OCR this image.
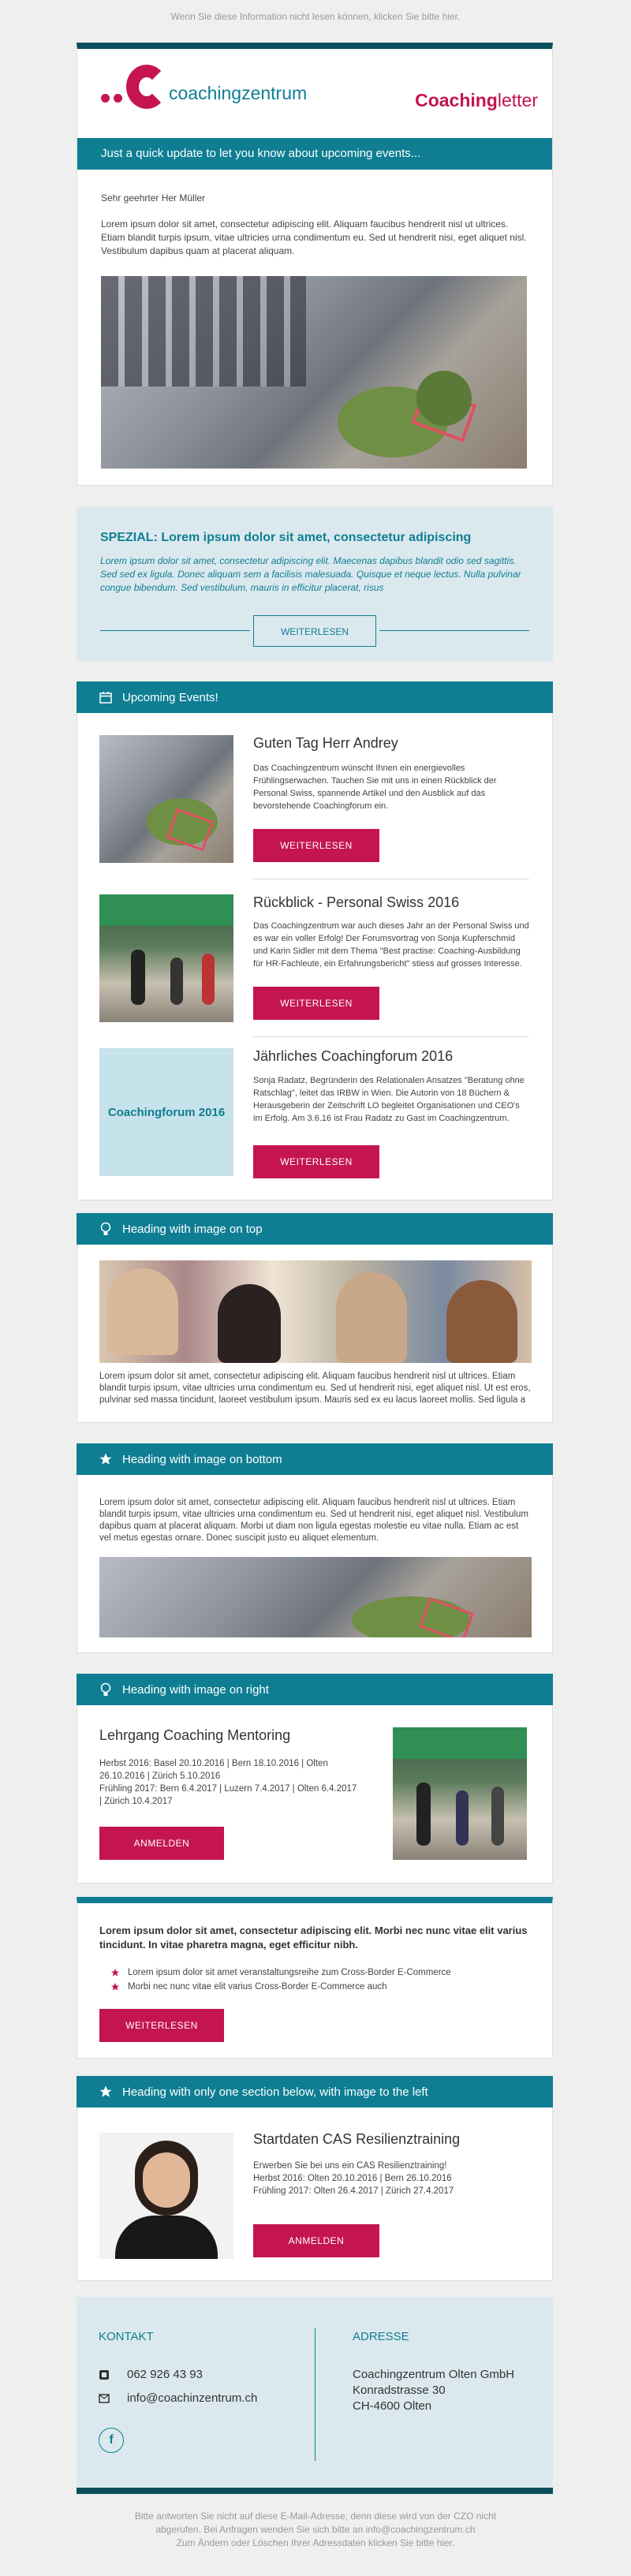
Wenn Sie diese Information nicht lesen können, klicken Sie bitte hier.
coachingzentrum	Coachingletter
Just a quick update to let you know about upcoming events...
Sehr geehrter Her Müller

Lorem ipsum dolor sit amet, consectetur adipiscing elit. Aliquam faucibus hendrerit nisl ut ultrices. Etiam blandit turpis ipsum, vitae ultricies urna condimentum eu. Sed ut hendrerit nisi, eget aliquet nisl. Vestibulum dapibus quam at placerat aliquam.

SPEZIAL: Lorem ipsum dolor sit amet, consectetur adipiscing

Lorem ipsum dolor sit amet, consectetur adipiscing elit. Maecenas dapibus blandit odio sed sagittis. Sed sed ex ligula. Donec aliquam sem a facilisis malesuada. Quisque et neque lectus. Nulla pulvinar congue bibendum. Sed vestibulum, mauris in efficitur placerat, risus

WEITERLESEN
Upcoming Events!
Guten Tag Herr Andrey

Das Coachingzentrum wünscht Ihnen ein energievolles Frühlingserwachen. Tauchen Sie mit uns in einen Rückblick der Personal Swiss, spannende Artikel und den Ausblick auf das bevorstehende Coachingforum ein.

WEITERLESEN
Rückblick - Personal Swiss 2016

Das Coachingzentrum war auch dieses Jahr an der Personal Swiss und es war ein voller Erfolg! Der Forumsvortrag von Sonja Kupferschmid und Karin Sidler mit dem Thema "Best practise: Coaching-Ausbildung für HR-Fachleute, ein Erfahrungsbericht" stiess auf grosses Interesse.

WEITERLESEN
Coachingforum 2016
Jährliches Coachingforum 2016

Sonja Radatz, Begründerin des Relationalen Ansatzes "Beratung ohne Ratschlag", leitet das IRBW in Wien. Die Autorin von 18 Büchern & Herausgeberin der Zeitschrift LO begleitet Organisationen und CEO's im Erfolg. Am 3.6.16 ist Frau Radatz zu Gast im Coachingzentrum.

WEITERLESEN
Heading with image on top

Lorem ipsum dolor sit amet, consectetur adipiscing elit. Aliquam faucibus hendrerit nisl ut ultrices. Etiam blandit turpis ipsum, vitae ultricies urna condimentum eu. Sed ut hendrerit nisi, eget aliquet nisl. Ut est eros, pulvinar sed massa tincidunt, laoreet vestibulum ipsum. Mauris sed ex eu lacus laoreet mollis. Sed ligula a

Heading with image on bottom

Lorem ipsum dolor sit amet, consectetur adipiscing elit. Aliquam faucibus hendrerit nisl ut ultrices. Etiam blandit turpis ipsum, vitae ultricies urna condimentum eu. Sed ut hendrerit nisi, eget aliquet nisl. Vestibulum dapibus quam at placerat aliquam. Morbi ut diam non ligula egestas molestie eu vitae nulla. Etiam ac est vel metus egestas ornare. Donec suscipit justo eu aliquet elementum.

Heading with image on right
Lehrgang Coaching Mentoring

Herbst 2016: Basel 20.10.2016 | Bern 18.10.2016 | Olten 26.10.2016 | Zürich 5.10.2016
Frühling 2017: Bern 6.4.2017 | Luzern 7.4.2017 | Olten 6.4.2017 | Zürich 10.4.2017

ANMELDEN
Lorem ipsum dolor sit amet, consectetur adipiscing elit. Morbi nec nunc vitae elit varius tincidunt. In vitae pharetra magna, eget efficitur nibh.
Lorem ipsum dolor sit amet veranstaltungsreihe zum Cross-Border E-Commerce
Morbi nec nunc vitae elit varius Cross-Border E-Commerce auch
WEITERLESEN
Heading with only one section below, with image to the left
Startdaten CAS Resilienztraining

Erwerben Sie bei uns ein CAS Resilienztraining!
Herbst 2016: Olten 20.10.2016 | Bern 26.10.2016
Frühling 2017: Olten 26.4.2017 | Zürich 27.4.2017

ANMELDEN
KONTAKT
062 926 43 93
info@coachinzentrum.ch
f
ADRESSE
Coachingzentrum Olten GmbH
Konradstrasse 30
CH-4600 Olten
Bitte antworten Sie nicht auf diese E-Mail-Adresse, denn diese wird von der CZO nicht
abgerufen. Bei Anfragen wenden Sie sich bitte an info@coachingzentrum.ch
Zum Ändern oder Löschen Ihrer Adressdaten klicken Sie bitte hier.
